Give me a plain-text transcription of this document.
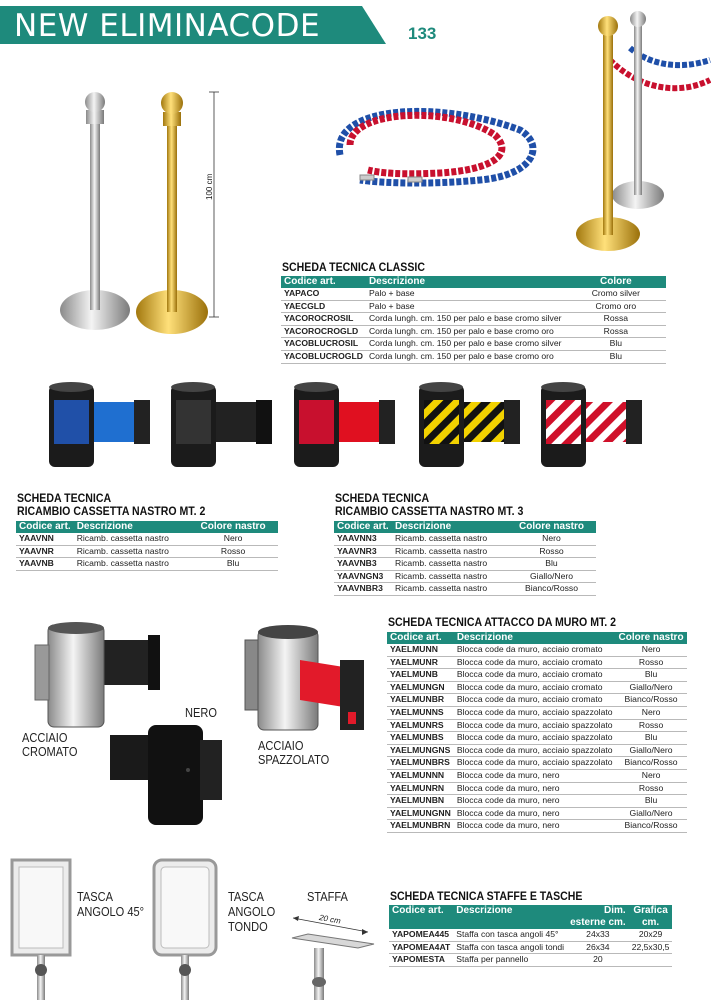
NEW ELIMINACODE	133
100 cm
SCHEDA TECNICA CLASSIC
Codice art.	Descrizione	Colore
YAPACO	Palo + base	Cromo silver
YAECGLD	Palo + base	Cromo oro
YACOROCROSIL	Corda lungh. cm. 150 per palo e base cromo silver	Rossa
YACOROCROGLD	Corda lungh. cm. 150 per palo e base cromo oro	Rossa
YACOBLUCROSIL	Corda lungh. cm. 150 per palo e base cromo silver	Blu
YACOBLUCROGLD	Corda lungh. cm. 150 per palo e base cromo oro	Blu
SCHEDA TECNICA
RICAMBIO CASSETTA NASTRO MT. 2
Codice art.	Descrizione	Colore nastro
YAAVNN	Ricamb. cassetta nastro	Nero
YAAVNR	Ricamb. cassetta nastro	Rosso
YAAVNB	Ricamb. cassetta nastro	Blu
SCHEDA TECNICA
RICAMBIO CASSETTA NASTRO MT. 3
Codice art.	Descrizione	Colore nastro
YAAVNN3	Ricamb. cassetta nastro	Nero
YAAVNR3	Ricamb. cassetta nastro	Rosso
YAAVNB3	Ricamb. cassetta nastro	Blu
YAAVNGN3	Ricamb. cassetta nastro	Giallo/Nero
YAAVNBR3	Ricamb. cassetta nastro	Bianco/Rosso
ACCIAIO
CROMATO
NERO
ACCIAIO
SPAZZOLATO
SCHEDA TECNICA ATTACCO DA MURO MT. 2
Codice art.	Descrizione	Colore nastro
YAELMUNN	Blocca code da muro, acciaio cromato	Nero
YAELMUNR	Blocca code da muro, acciaio cromato	Rosso
YAELMUNB	Blocca code da muro, acciaio cromato	Blu
YAELMUNGN	Blocca code da muro, acciaio cromato	Giallo/Nero
YAELMUNBR	Blocca code da muro, acciaio cromato	Bianco/Rosso
YAELMUNNS	Blocca code da muro, acciaio spazzolato	Nero
YAELMUNRS	Blocca code da muro, acciaio spazzolato	Rosso
YAELMUNBS	Blocca code da muro, acciaio spazzolato	Blu
YAELMUNGNS	Blocca code da muro, acciaio spazzolato	Giallo/Nero
YAELMUNBRS	Blocca code da muro, acciaio spazzolato	Bianco/Rosso
YAELMUNNN	Blocca code da muro, nero	Nero
YAELMUNRN	Blocca code da muro, nero	Rosso
YAELMUNBN	Blocca code da muro, nero	Blu
YAELMUNGNN	Blocca code da muro, nero	Giallo/Nero
YAELMUNBRN	Blocca code da muro, nero	Bianco/Rosso
TASCA
ANGOLO 45°
TASCA
ANGOLO
TONDO
STAFFA
20 cm
SCHEDA TECNICA STAFFE E TASCHE
Codice art.	Descrizione	Dim.	Grafica
		esterne cm.	cm.
YAPOMEA445	Staffa con tasca angoli 45°	24x33	20x29
YAPOMEA4AT	Staffa con tasca angoli tondi	26x34	22,5x30,5
YAPOMESTA	Staffa per pannello	20	
